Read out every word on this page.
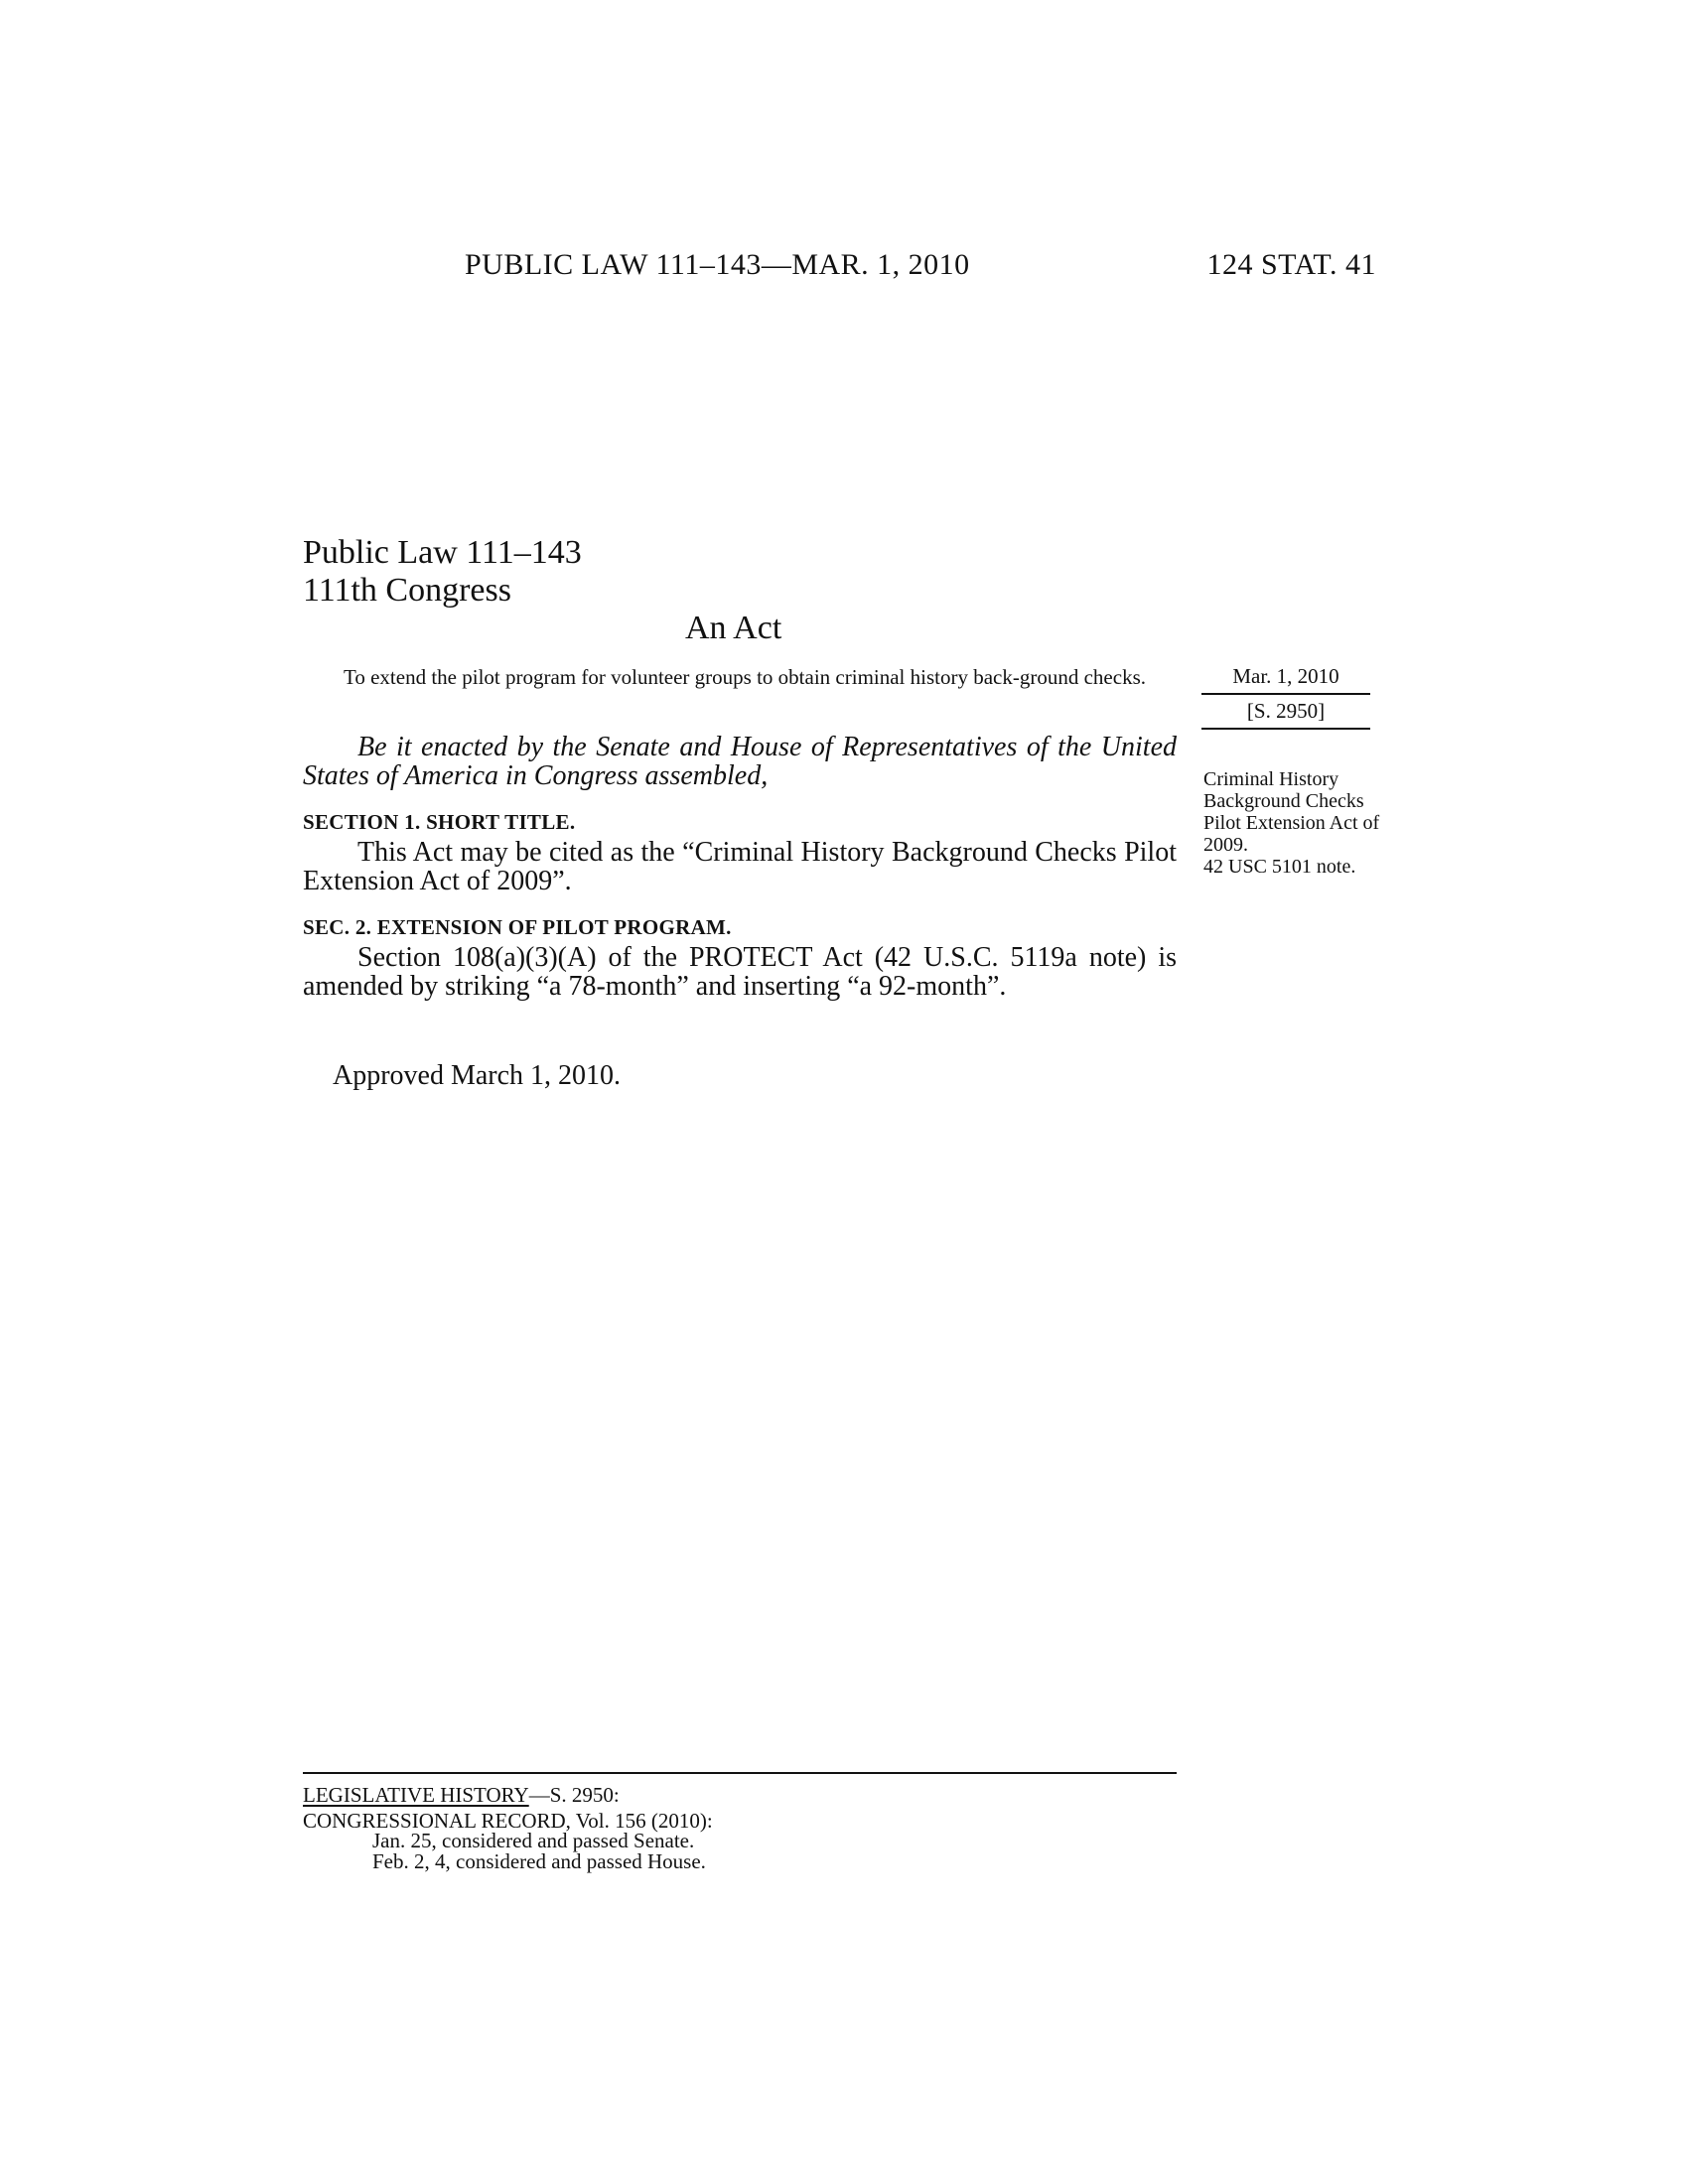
PUBLIC LAW 111–143—MAR. 1, 2010	124 STAT. 41
Public Law 111–143
111th Congress
An Act
To extend the pilot program for volunteer groups to obtain criminal history back-ground checks.	Mar. 1, 2010
[S. 2950]
Criminal History Background Checks Pilot Extension Act of 2009.
42 USC 5101 note.
Be it enacted by the Senate and House of Representatives of the United States of America in Congress assembled,
SECTION 1. SHORT TITLE.
This Act may be cited as the “Criminal History Background Checks Pilot Extension Act of 2009”.
SEC. 2. EXTENSION OF PILOT PROGRAM.
Section 108(a)(3)(A) of the PROTECT Act (42 U.S.C. 5119a note) is amended by striking “a 78-month” and inserting “a 92-month”.
Approved March 1, 2010.
LEGISLATIVE HISTORY—S. 2950:
CONGRESSIONAL RECORD, Vol. 156 (2010):
Jan. 25, considered and passed Senate.
Feb. 2, 4, considered and passed House.
